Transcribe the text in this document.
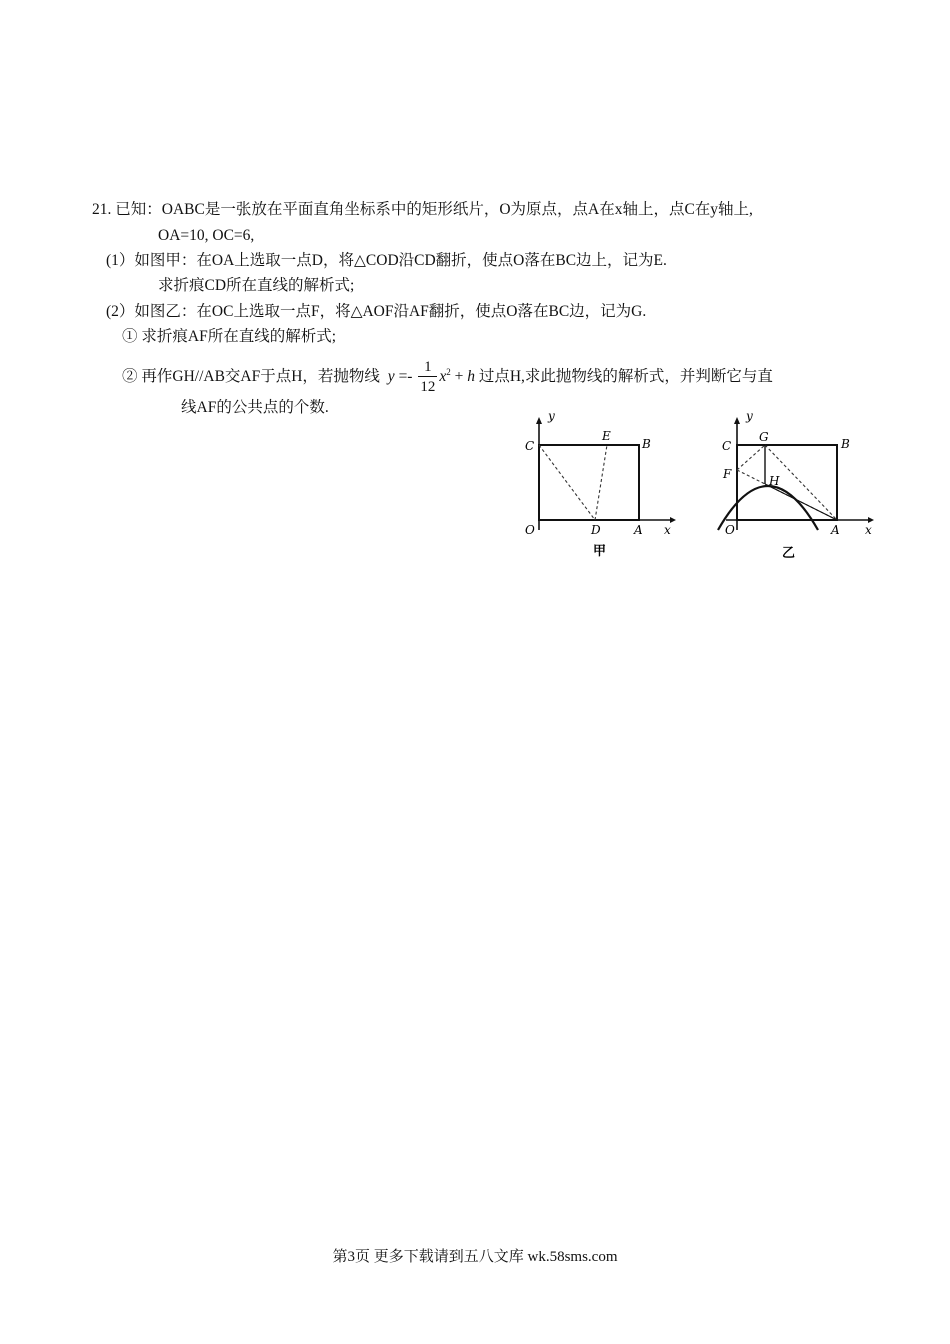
21. 已知：OABC是一张放在平面直角坐标系中的矩形纸片，O为原点，点A在x轴上，点C在y轴上,
OA=10, OC=6,
(1）如图甲：在OA上选取一点D，将△COD沿CD翻折，使点O落在BC边上，记为E.
求折痕CD所在直线的解析式;
(2）如图乙：在OC上选取一点F，将△AOF沿AF翻折，使点O落在BC边，记为G.
① 求折痕AF所在直线的解析式;
② 再作GH//AB交AF于点H，若抛物线 $y =- \frac{1}{12} x^2 + h$ 过点H,求此抛物线的解析式，并判断它与直
线AF的公共点的个数.	y
C
E
B
O	D	A x
甲
y
C
G	B
F	H
O	A x
乙
第3页 更多下载请到五八文库 wk.58sms.com
